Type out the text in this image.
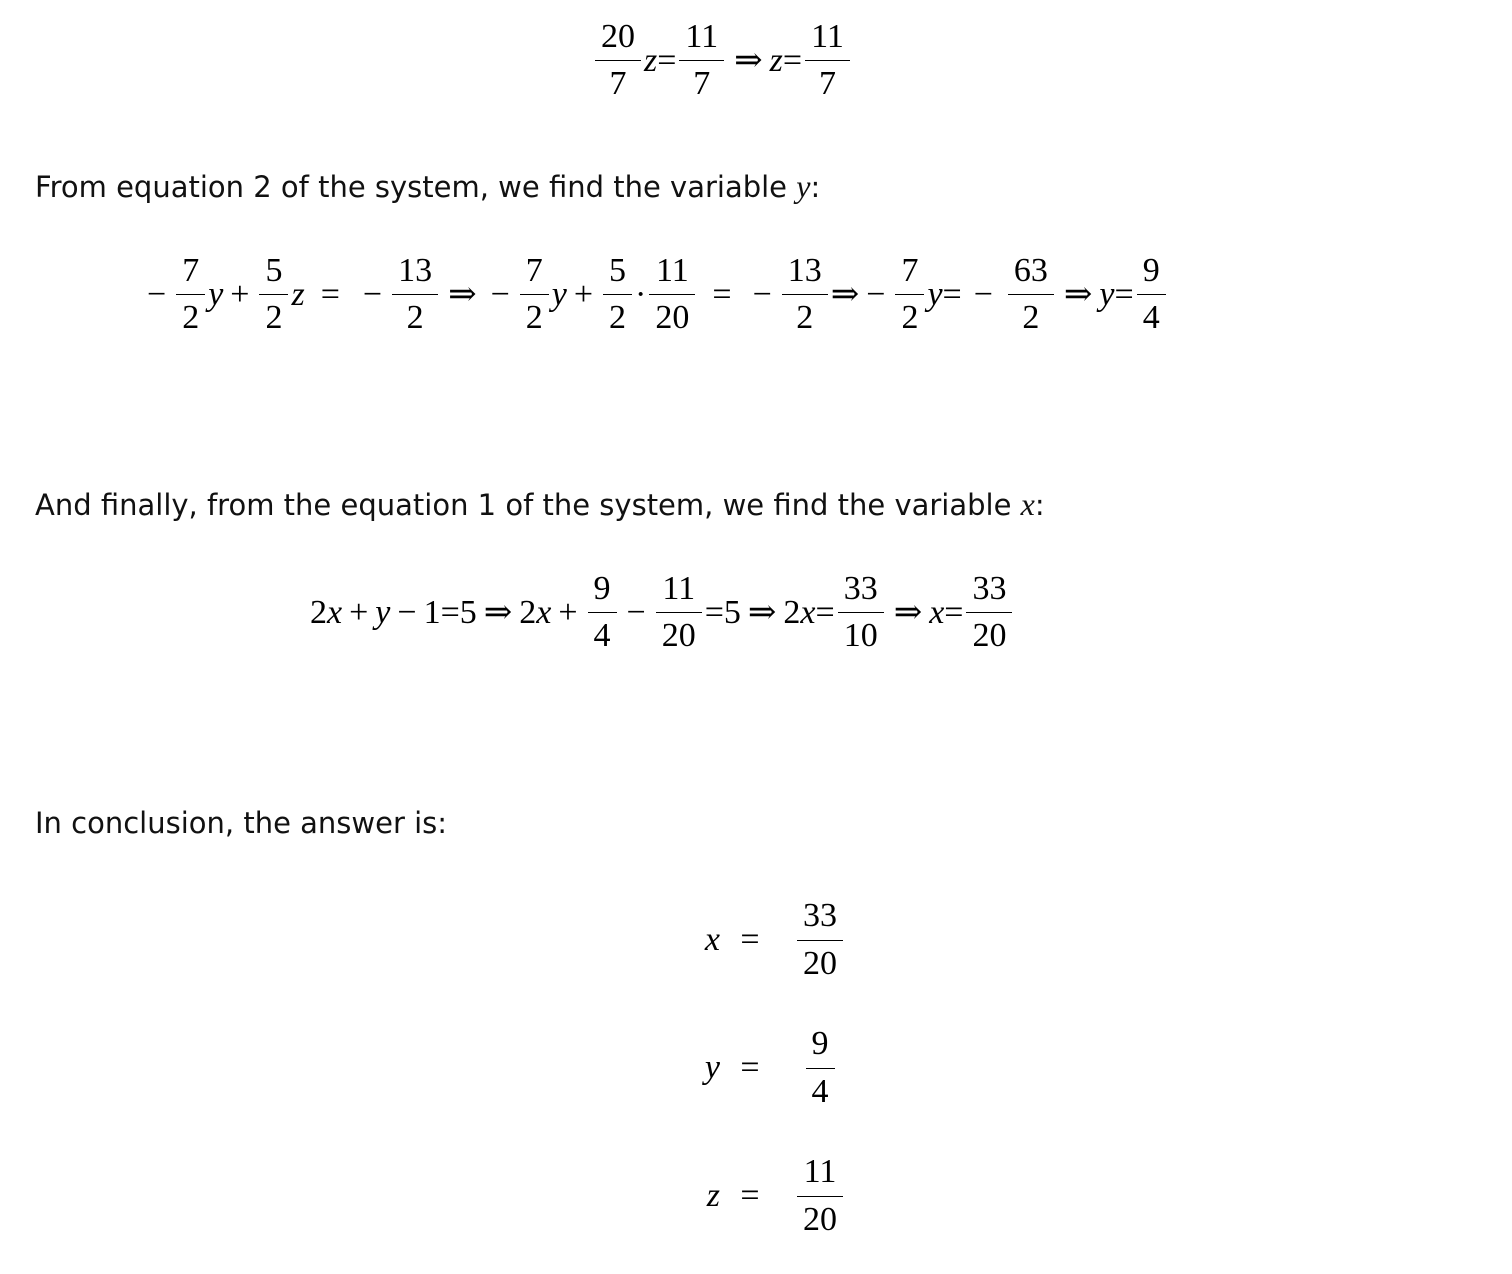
$\frac{20}{7}$ $z = \frac{11}{7}$ ⇒ $z = \frac{11}{7}$
From equation 2 of the system, we find the variable y:
− $\frac{7}{2}$ $y + \frac{5}{2}$ z = − $\frac{13}{2}$ ⇒ − $\frac{7}{2}$ $y + \frac{5}{2} \cdot \frac{11}{20}$ = − $\frac{13}{2}$ ⇒ − $\frac{7}{2}$ y = − $\frac{63}{2}$ ⇒ $y = \frac{9}{4}$
And finally, from the equation 1 of the system, we find the variable x:
2 x + y − 1 = 5 ⇒ 2 $x + \frac{9}{4} - \frac{11}{20} = 5$ ⇒ 2 $x = \frac{33}{10}$ ⇒ $x = \frac{33}{20}$
In conclusion, the answer is:
x =	$\frac{33}{20}$
y =	$\frac{9}{4}$
z =	$\frac{11}{20}$
